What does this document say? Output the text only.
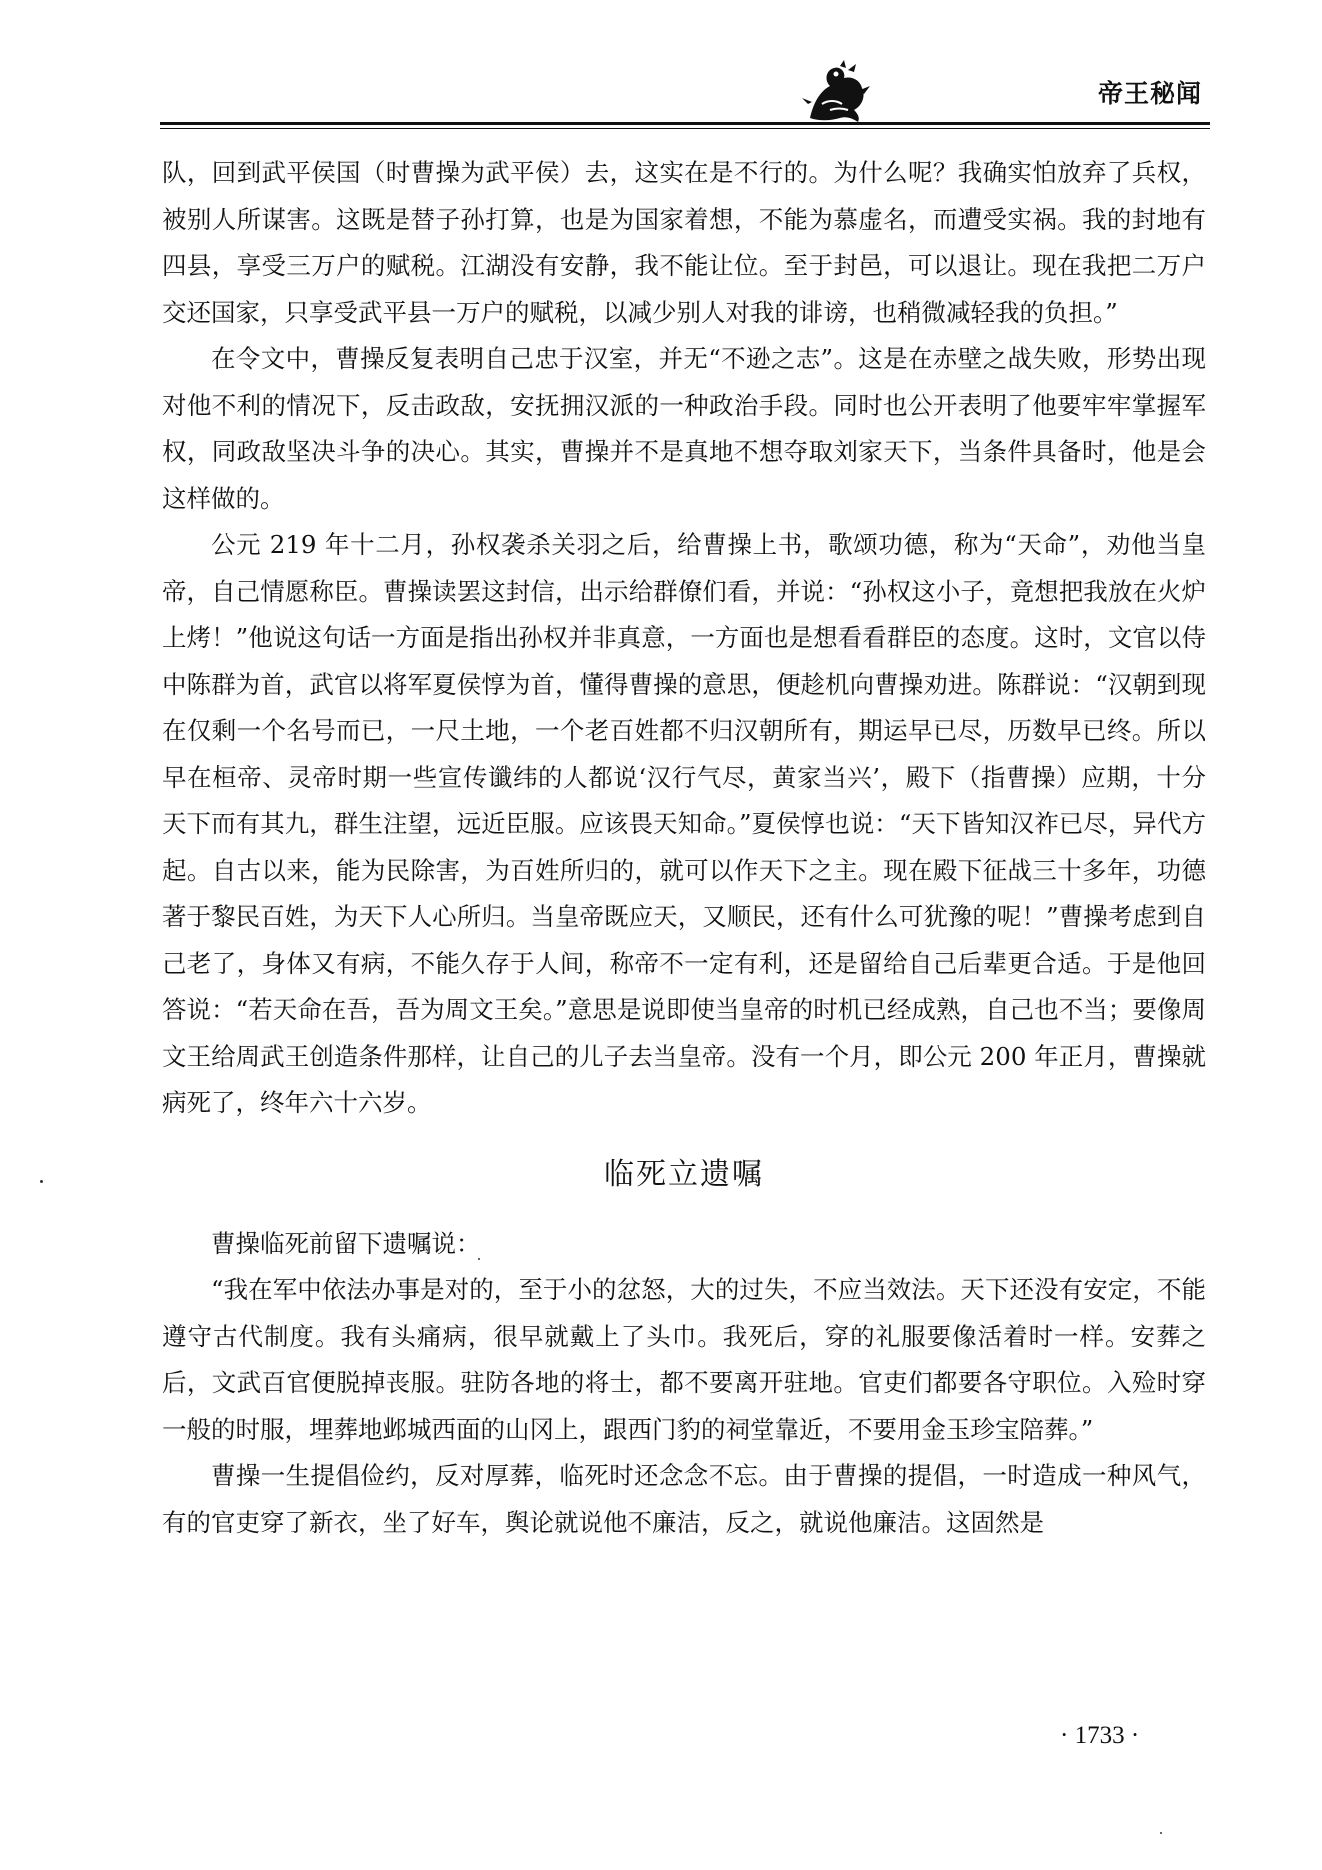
帝王秘闻

队，回到武平侯国（时曹操为武平侯）去，这实在是不行的。为什么呢？我确实怕放弃了兵权，被别人所谋害。这既是替子孙打算，也是为国家着想，不能为慕虚名，而遭受实祸。我的封地有四县，享受三万户的赋税。江湖没有安静，我不能让位。至于封邑，可以退让。现在我把二万户交还国家，只享受武平县一万户的赋税，以减少别人对我的诽谤，也稍微减轻我的负担。”

在令文中，曹操反复表明自己忠于汉室，并无“不逊之志”。这是在赤壁之战失败，形势出现对他不利的情况下，反击政敌，安抚拥汉派的一种政治手段。同时也公开表明了他要牢牢掌握军权，同政敌坚决斗争的决心。其实，曹操并不是真地不想夺取刘家天下，当条件具备时，他是会这样做的。

公元 219 年十二月，孙权袭杀关羽之后，给曹操上书，歌颂功德，称为“天命”，劝他当皇帝，自己情愿称臣。曹操读罢这封信，出示给群僚们看，并说：“孙权这小子，竟想把我放在火炉上烤！”他说这句话一方面是指出孙权并非真意，一方面也是想看看群臣的态度。这时，文官以侍中陈群为首，武官以将军夏侯惇为首，懂得曹操的意思，便趁机向曹操劝进。陈群说：“汉朝到现在仅剩一个名号而已，一尺土地，一个老百姓都不归汉朝所有，期运早已尽，历数早已终。所以早在桓帝、灵帝时期一些宣传谶纬的人都说‘汉行气尽，黄家当兴’，殿下（指曹操）应期，十分天下而有其九，群生注望，远近臣服。应该畏天知命。”夏侯惇也说：“天下皆知汉祚已尽，异代方起。自古以来，能为民除害，为百姓所归的，就可以作天下之主。现在殿下征战三十多年，功德著于黎民百姓，为天下人心所归。当皇帝既应天，又顺民，还有什么可犹豫的呢！”曹操考虑到自己老了，身体又有病，不能久存于人间，称帝不一定有利，还是留给自己后辈更合适。于是他回答说：“若天命在吾，吾为周文王矣。”意思是说即使当皇帝的时机已经成熟，自己也不当；要像周文王给周武王创造条件那样，让自己的儿子去当皇帝。没有一个月，即公元 200 年正月，曹操就病死了，终年六十六岁。

临死立遗嘱

曹操临死前留下遗嘱说：

“我在军中依法办事是对的，至于小的忿怒，大的过失，不应当效法。天下还没有安定，不能遵守古代制度。我有头痛病，很早就戴上了头巾。我死后，穿的礼服要像活着时一样。安葬之后，文武百官便脱掉丧服。驻防各地的将士，都不要离开驻地。官吏们都要各守职位。入殓时穿一般的时服，埋葬地邺城西面的山冈上，跟西门豹的祠堂靠近，不要用金玉珍宝陪葬。”

曹操一生提倡俭约，反对厚葬，临死时还念念不忘。由于曹操的提倡，一时造成一种风气，有的官吏穿了新衣，坐了好车，舆论就说他不廉洁，反之，就说他廉洁。这固然是

· 1733 ·
